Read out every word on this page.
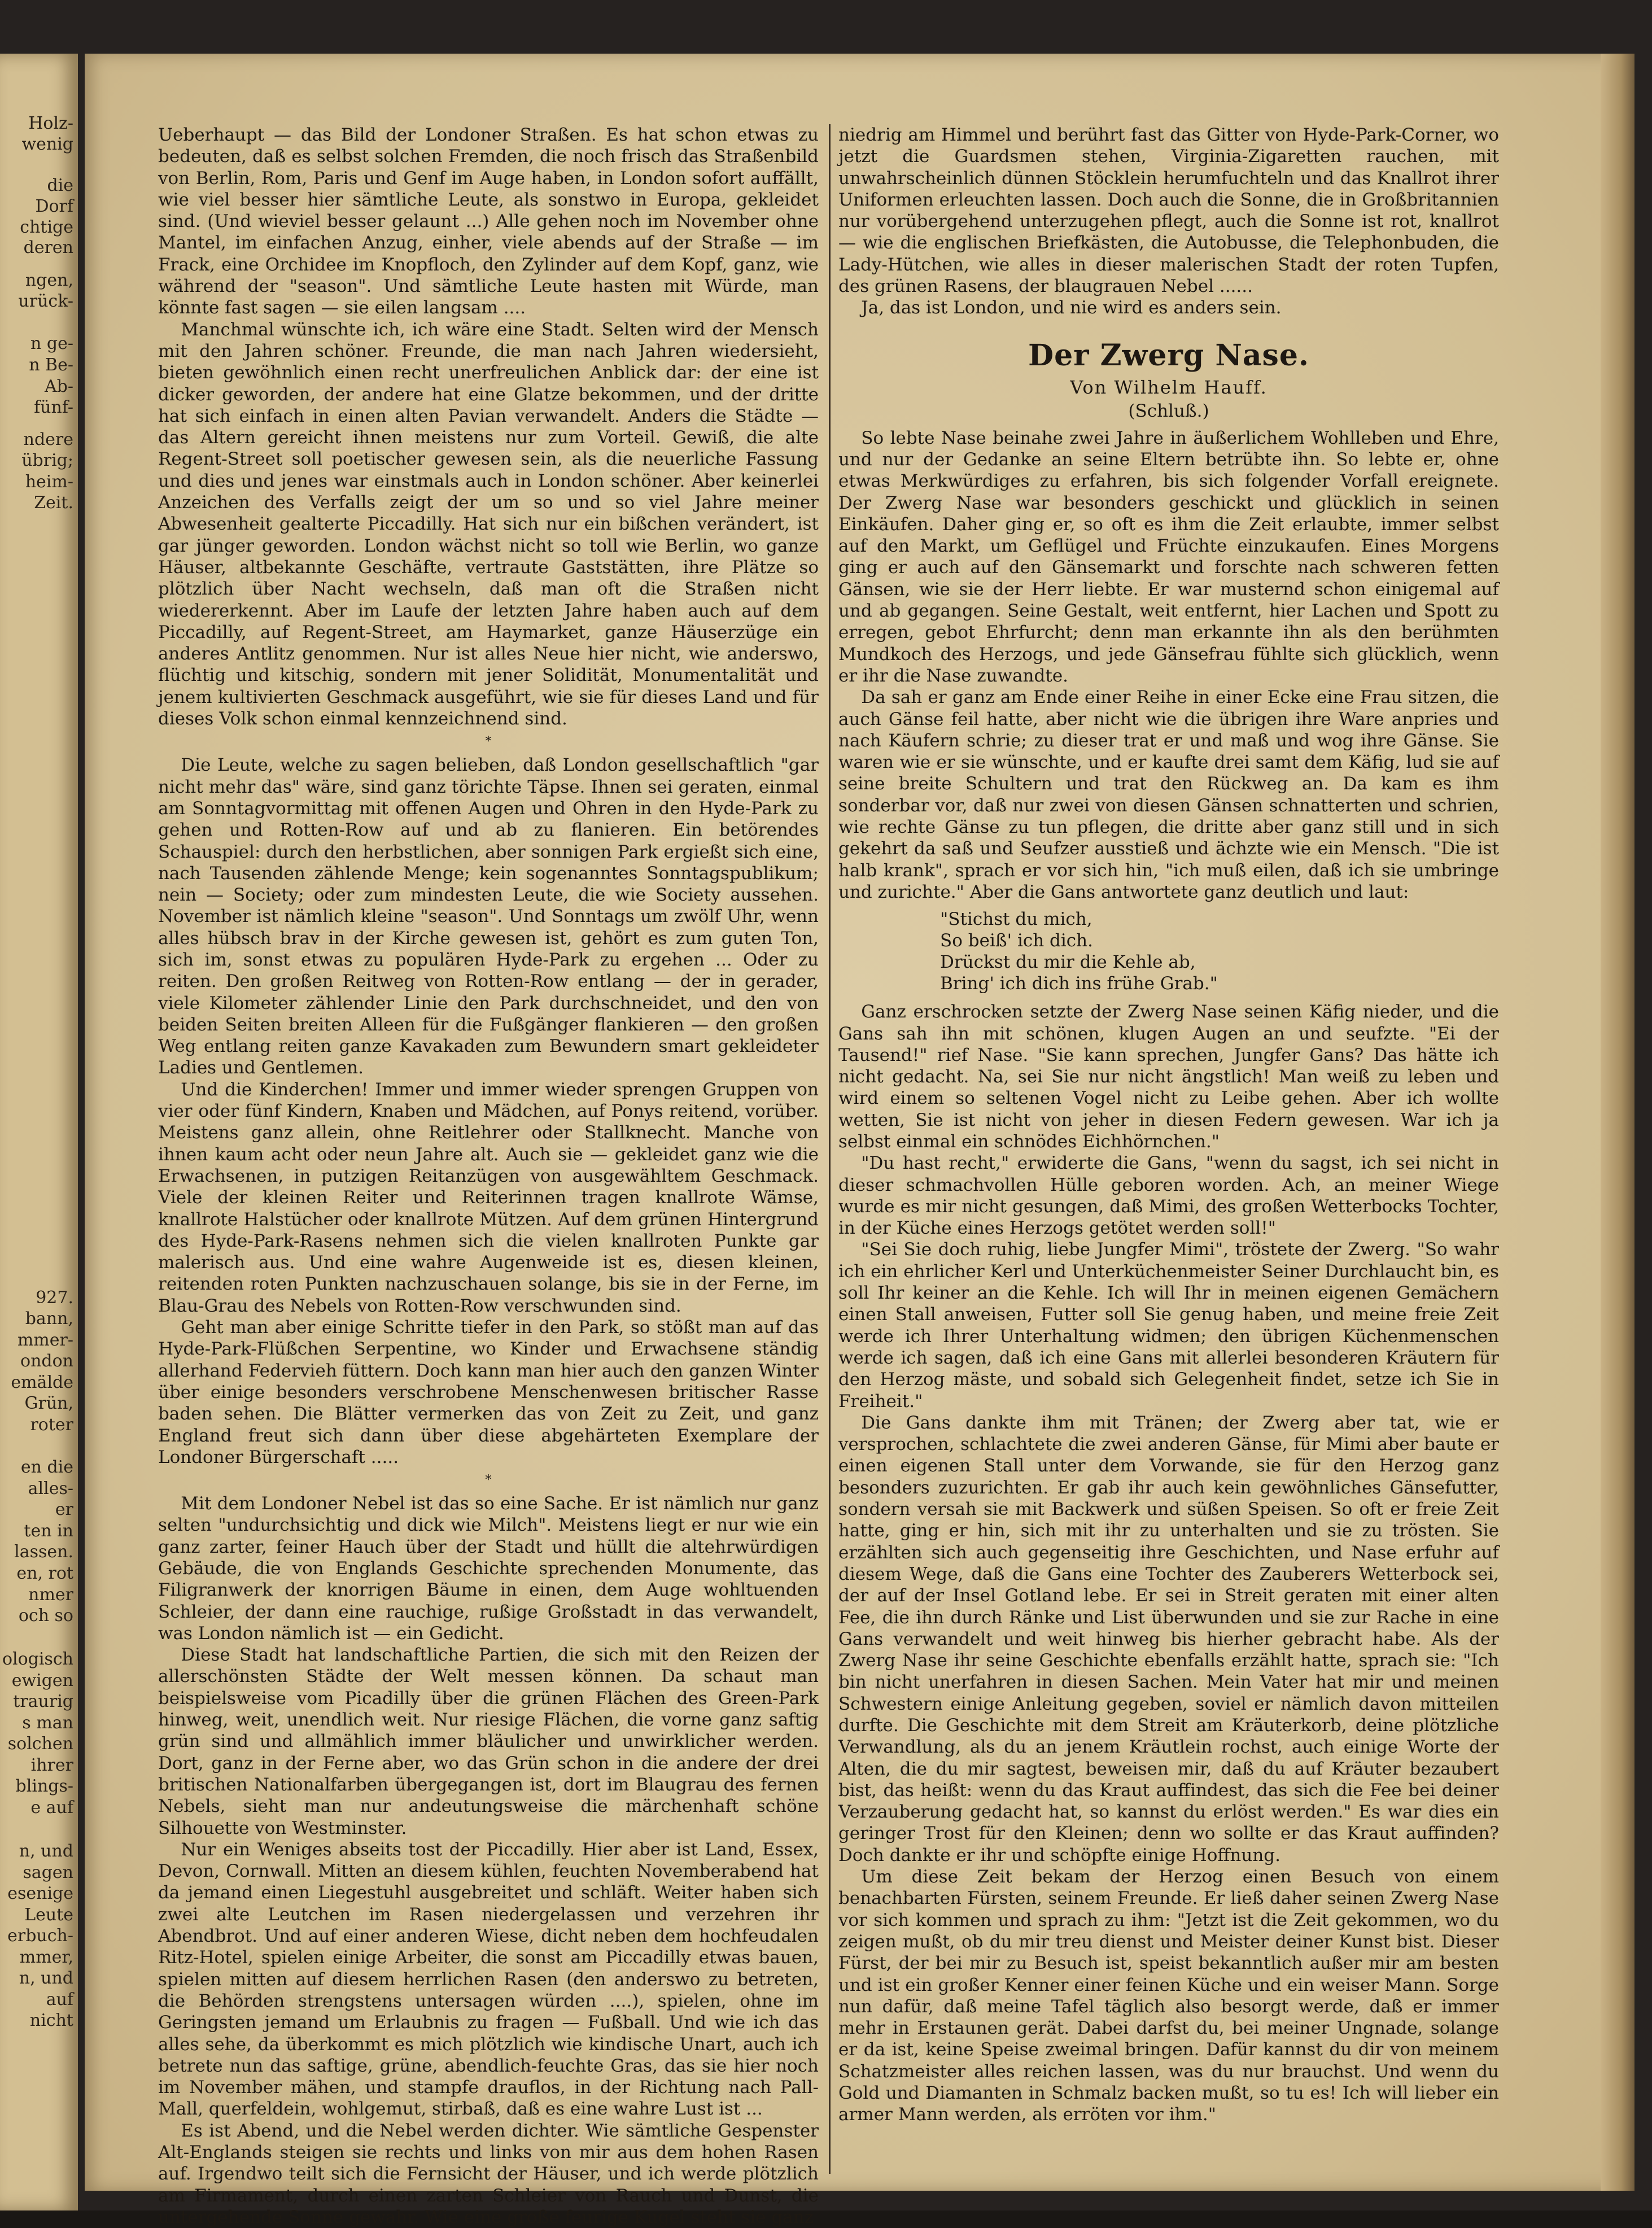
Holz-
wenig
die
Dorf
chtige
deren
ngen,
urück-
n ge-
n Be-
Ab-
fünf-
ndere
übrig;
heim-
Zeit.
927.
bann,
mmer-
ondon
emälde
Grün,
roter
en die
alles-
er
ten in
lassen.
en, rot
nmer
och so
ologisch
ewigen
traurig
s man
solchen
ihrer
blings-
e auf
n, und
sagen
esenige
Leute
erbuch-
mmer,
n, und
auf
nicht

Ueberhaupt — das Bild der Londoner Straßen. Es hat schon etwas zu bedeuten, daß es selbst solchen Fremden, die noch frisch das Straßenbild von Berlin, Rom, Paris und Genf im Auge haben, in London sofort auffällt, wie viel besser hier sämtliche Leute, als sonstwo in Europa, gekleidet sind. (Und wieviel besser gelaunt ...) Alle gehen noch im November ohne Mantel, im einfachen Anzug, einher, viele abends auf der Straße — im Frack, eine Orchidee im Knopfloch, den Zylinder auf dem Kopf, ganz, wie während der "season". Und sämtliche Leute hasten mit Würde, man könnte fast sagen — sie eilen langsam ....

Manchmal wünschte ich, ich wäre eine Stadt. Selten wird der Mensch mit den Jahren schöner. Freunde, die man nach Jahren wiedersieht, bieten gewöhnlich einen recht unerfreulichen Anblick dar: der eine ist dicker geworden, der andere hat eine Glatze bekommen, und der dritte hat sich einfach in einen alten Pavian verwandelt. Anders die Städte — das Altern gereicht ihnen meistens nur zum Vorteil. Gewiß, die alte Regent-Street soll poetischer gewesen sein, als die neuerliche Fassung und dies und jenes war einstmals auch in London schöner. Aber keinerlei Anzeichen des Verfalls zeigt der um so und so viel Jahre meiner Abwesenheit gealterte Piccadilly. Hat sich nur ein bißchen verändert, ist gar jünger geworden. London wächst nicht so toll wie Berlin, wo ganze Häuser, altbekannte Geschäfte, vertraute Gaststätten, ihre Plätze so plötzlich über Nacht wechseln, daß man oft die Straßen nicht wiedererkennt. Aber im Laufe der letzten Jahre haben auch auf dem Piccadilly, auf Regent-Street, am Haymarket, ganze Häuserzüge ein anderes Antlitz genommen. Nur ist alles Neue hier nicht, wie anderswo, flüchtig und kitschig, sondern mit jener Solidität, Monumentalität und jenem kultivierten Geschmack ausgeführt, wie sie für dieses Land und für dieses Volk schon einmal kennzeichnend sind.

*

Die Leute, welche zu sagen belieben, daß London gesellschaftlich "gar nicht mehr das" wäre, sind ganz törichte Täpse. Ihnen sei geraten, einmal am Sonntagvormittag mit offenen Augen und Ohren in den Hyde-Park zu gehen und Rotten-Row auf und ab zu flanieren. Ein betörendes Schauspiel: durch den herbstlichen, aber sonnigen Park ergießt sich eine, nach Tausenden zählende Menge; kein sogenanntes Sonntagspublikum; nein — Society; oder zum mindesten Leute, die wie Society aussehen. November ist nämlich kleine "season". Und Sonntags um zwölf Uhr, wenn alles hübsch brav in der Kirche gewesen ist, gehört es zum guten Ton, sich im, sonst etwas zu populären Hyde-Park zu ergehen ... Oder zu reiten. Den großen Reitweg von Rotten-Row entlang — der in gerader, viele Kilometer zählender Linie den Park durchschneidet, und den von beiden Seiten breiten Alleen für die Fußgänger flankieren — den großen Weg entlang reiten ganze Kavakaden zum Bewundern smart gekleideter Ladies und Gentlemen.

Und die Kinderchen! Immer und immer wieder sprengen Gruppen von vier oder fünf Kindern, Knaben und Mädchen, auf Ponys reitend, vorüber. Meistens ganz allein, ohne Reitlehrer oder Stallknecht. Manche von ihnen kaum acht oder neun Jahre alt. Auch sie — gekleidet ganz wie die Erwachsenen, in putzigen Reitanzügen von ausgewähltem Geschmack. Viele der kleinen Reiter und Reiterinnen tragen knallrote Wämse, knallrote Halstücher oder knallrote Mützen. Auf dem grünen Hintergrund des Hyde-Park-Rasens nehmen sich die vielen knallroten Punkte gar malerisch aus. Und eine wahre Augenweide ist es, diesen kleinen, reitenden roten Punkten nachzuschauen solange, bis sie in der Ferne, im Blau-Grau des Nebels von Rotten-Row verschwunden sind.

Geht man aber einige Schritte tiefer in den Park, so stößt man auf das Hyde-Park-Flüßchen Serpentine, wo Kinder und Erwachsene ständig allerhand Federvieh füttern. Doch kann man hier auch den ganzen Winter über einige besonders verschrobene Menschenwesen britischer Rasse baden sehen. Die Blätter vermerken das von Zeit zu Zeit, und ganz England freut sich dann über diese abgehärteten Exemplare der Londoner Bürgerschaft .....

*

Mit dem Londoner Nebel ist das so eine Sache. Er ist nämlich nur ganz selten "undurchsichtig und dick wie Milch". Meistens liegt er nur wie ein ganz zarter, feiner Hauch über der Stadt und hüllt die altehrwürdigen Gebäude, die von Englands Geschichte sprechenden Monumente, das Filigranwerk der knorrigen Bäume in einen, dem Auge wohltuenden Schleier, der dann eine rauchige, rußige Großstadt in das verwandelt, was London nämlich ist — ein Gedicht.

Diese Stadt hat landschaftliche Partien, die sich mit den Reizen der allerschönsten Städte der Welt messen können. Da schaut man beispielsweise vom Picadilly über die grünen Flächen des Green-Park hinweg, weit, unendlich weit. Nur riesige Flächen, die vorne ganz saftig grün sind und allmählich immer bläulicher und unwirklicher werden. Dort, ganz in der Ferne aber, wo das Grün schon in die andere der drei britischen Nationalfarben übergegangen ist, dort im Blaugrau des fernen Nebels, sieht man nur andeutungsweise die märchenhaft schöne Silhouette von Westminster.

Nur ein Weniges abseits tost der Piccadilly. Hier aber ist Land, Essex, Devon, Cornwall. Mitten an diesem kühlen, feuchten Novemberabend hat da jemand einen Liegestuhl ausgebreitet und schläft. Weiter haben sich zwei alte Leutchen im Rasen niedergelassen und verzehren ihr Abendbrot. Und auf einer anderen Wiese, dicht neben dem hochfeudalen Ritz-Hotel, spielen einige Arbeiter, die sonst am Piccadilly etwas bauen, spielen mitten auf diesem herrlichen Rasen (den anderswo zu betreten, die Behörden strengstens untersagen würden ....), spielen, ohne im Geringsten jemand um Erlaubnis zu fragen — Fußball. Und wie ich das alles sehe, da überkommt es mich plötzlich wie kindische Unart, auch ich betrete nun das saftige, grüne, abendlich-feuchte Gras, das sie hier noch im November mähen, und stampfe drauflos, in der Richtung nach Pall-Mall, querfeldein, wohlgemut, stirbaß, daß es eine wahre Lust ist ...

Es ist Abend, und die Nebel werden dichter. Wie sämtliche Gespenster Alt-Englands steigen sie rechts und links von mir aus dem hohen Rasen auf. Irgendwo teilt sich die Fernsicht der Häuser, und ich werde plötzlich am Firmament, durch einen zarten Schleier von Rauch und Dunst, die untergehende Sonne gewahr. Wie eine große feurige Kugel steht sie ganz

niedrig am Himmel und berührt fast das Gitter von Hyde-Park-Corner, wo jetzt die Guardsmen stehen, Virginia-Zigaretten rauchen, mit unwahrscheinlich dünnen Stöcklein herumfuchteln und das Knallrot ihrer Uniformen erleuchten lassen. Doch auch die Sonne, die in Großbritannien nur vorübergehend unterzugehen pflegt, auch die Sonne ist rot, knallrot — wie die englischen Briefkästen, die Autobusse, die Telephonbuden, die Lady-Hütchen, wie alles in dieser malerischen Stadt der roten Tupfen, des grünen Rasens, der blaugrauen Nebel ......

Ja, das ist London, und nie wird es anders sein.

Der Zwerg Nase.
Von Wilhelm Hauff.
(Schluß.)

So lebte Nase beinahe zwei Jahre in äußerlichem Wohlleben und Ehre, und nur der Gedanke an seine Eltern betrübte ihn. So lebte er, ohne etwas Merkwürdiges zu erfahren, bis sich folgender Vorfall ereignete. Der Zwerg Nase war besonders geschickt und glücklich in seinen Einkäufen. Daher ging er, so oft es ihm die Zeit erlaubte, immer selbst auf den Markt, um Geflügel und Früchte einzukaufen. Eines Morgens ging er auch auf den Gänsemarkt und forschte nach schweren fetten Gänsen, wie sie der Herr liebte. Er war musternd schon einigemal auf und ab gegangen. Seine Gestalt, weit entfernt, hier Lachen und Spott zu erregen, gebot Ehrfurcht; denn man erkannte ihn als den berühmten Mundkoch des Herzogs, und jede Gänsefrau fühlte sich glücklich, wenn er ihr die Nase zuwandte.

Da sah er ganz am Ende einer Reihe in einer Ecke eine Frau sitzen, die auch Gänse feil hatte, aber nicht wie die übrigen ihre Ware anpries und nach Käufern schrie; zu dieser trat er und maß und wog ihre Gänse. Sie waren wie er sie wünschte, und er kaufte drei samt dem Käfig, lud sie auf seine breite Schultern und trat den Rückweg an. Da kam es ihm sonderbar vor, daß nur zwei von diesen Gänsen schnatterten und schrien, wie rechte Gänse zu tun pflegen, die dritte aber ganz still und in sich gekehrt da saß und Seufzer ausstieß und ächzte wie ein Mensch. "Die ist halb krank", sprach er vor sich hin, "ich muß eilen, daß ich sie umbringe und zurichte." Aber die Gans antwortete ganz deutlich und laut:

"Stichst du mich,
So beiß' ich dich.
Drückst du mir die Kehle ab,
Bring' ich dich ins frühe Grab."

Ganz erschrocken setzte der Zwerg Nase seinen Käfig nieder, und die Gans sah ihn mit schönen, klugen Augen an und seufzte. "Ei der Tausend!" rief Nase. "Sie kann sprechen, Jungfer Gans? Das hätte ich nicht gedacht. Na, sei Sie nur nicht ängstlich! Man weiß zu leben und wird einem so seltenen Vogel nicht zu Leibe gehen. Aber ich wollte wetten, Sie ist nicht von jeher in diesen Federn gewesen. War ich ja selbst einmal ein schnödes Eichhörnchen."

"Du hast recht," erwiderte die Gans, "wenn du sagst, ich sei nicht in dieser schmachvollen Hülle geboren worden. Ach, an meiner Wiege wurde es mir nicht gesungen, daß Mimi, des großen Wetterbocks Tochter, in der Küche eines Herzogs getötet werden soll!"

"Sei Sie doch ruhig, liebe Jungfer Mimi", tröstete der Zwerg. "So wahr ich ein ehrlicher Kerl und Unterküchenmeister Seiner Durchlaucht bin, es soll Ihr keiner an die Kehle. Ich will Ihr in meinen eigenen Gemächern einen Stall anweisen, Futter soll Sie genug haben, und meine freie Zeit werde ich Ihrer Unterhaltung widmen; den übrigen Küchenmenschen werde ich sagen, daß ich eine Gans mit allerlei besonderen Kräutern für den Herzog mäste, und sobald sich Gelegenheit findet, setze ich Sie in Freiheit."

Die Gans dankte ihm mit Tränen; der Zwerg aber tat, wie er versprochen, schlachtete die zwei anderen Gänse, für Mimi aber baute er einen eigenen Stall unter dem Vorwande, sie für den Herzog ganz besonders zuzurichten. Er gab ihr auch kein gewöhnliches Gänsefutter, sondern versah sie mit Backwerk und süßen Speisen. So oft er freie Zeit hatte, ging er hin, sich mit ihr zu unterhalten und sie zu trösten. Sie erzählten sich auch gegenseitig ihre Geschichten, und Nase erfuhr auf diesem Wege, daß die Gans eine Tochter des Zauberers Wetterbock sei, der auf der Insel Gotland lebe. Er sei in Streit geraten mit einer alten Fee, die ihn durch Ränke und List überwunden und sie zur Rache in eine Gans verwandelt und weit hinweg bis hierher gebracht habe. Als der Zwerg Nase ihr seine Geschichte ebenfalls erzählt hatte, sprach sie: "Ich bin nicht unerfahren in diesen Sachen. Mein Vater hat mir und meinen Schwestern einige Anleitung gegeben, soviel er nämlich davon mitteilen durfte. Die Geschichte mit dem Streit am Kräuterkorb, deine plötzliche Verwandlung, als du an jenem Kräutlein rochst, auch einige Worte der Alten, die du mir sagtest, beweisen mir, daß du auf Kräuter bezaubert bist, das heißt: wenn du das Kraut auffindest, das sich die Fee bei deiner Verzauberung gedacht hat, so kannst du erlöst werden." Es war dies ein geringer Trost für den Kleinen; denn wo sollte er das Kraut auffinden? Doch dankte er ihr und schöpfte einige Hoffnung.

Um diese Zeit bekam der Herzog einen Besuch von einem benachbarten Fürsten, seinem Freunde. Er ließ daher seinen Zwerg Nase vor sich kommen und sprach zu ihm: "Jetzt ist die Zeit gekommen, wo du zeigen mußt, ob du mir treu dienst und Meister deiner Kunst bist. Dieser Fürst, der bei mir zu Besuch ist, speist bekanntlich außer mir am besten und ist ein großer Kenner einer feinen Küche und ein weiser Mann. Sorge nun dafür, daß meine Tafel täglich also besorgt werde, daß er immer mehr in Erstaunen gerät. Dabei darfst du, bei meiner Ungnade, solange er da ist, keine Speise zweimal bringen. Dafür kannst du dir von meinem Schatzmeister alles reichen lassen, was du nur brauchst. Und wenn du Gold und Diamanten in Schmalz backen mußt, so tu es! Ich will lieber ein armer Mann werden, als erröten vor ihm."
